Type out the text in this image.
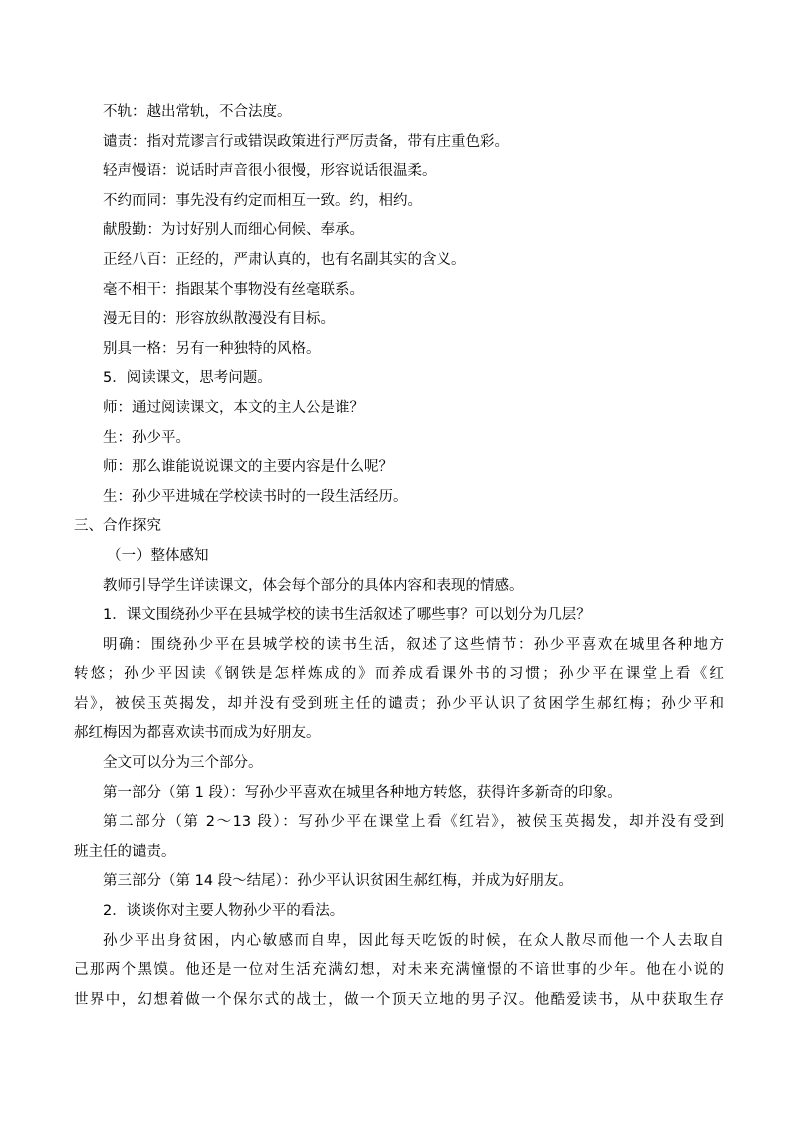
不轨：越出常轨，不合法度。
谴责：指对荒谬言行或错误政策进行严厉责备，带有庄重色彩。
轻声慢语：说话时声音很小很慢，形容说话很温柔。
不约而同：事先没有约定而相互一致。约，相约。
献殷勤：为讨好别人而细心伺候、奉承。
正经八百：正经的，严肃认真的，也有名副其实的含义。
毫不相干：指跟某个事物没有丝毫联系。
漫无目的：形容放纵散漫没有目标。
别具一格：另有一种独特的风格。
5．阅读课文，思考问题。
师：通过阅读课文，本文的主人公是谁？
生：孙少平。
师：那么谁能说说课文的主要内容是什么呢？
生：孙少平进城在学校读书时的一段生活经历。
三、合作探究
（一）整体感知
教师引导学生详读课文，体会每个部分的具体内容和表现的情感。
1．课文围绕孙少平在县城学校的读书生活叙述了哪些事？可以划分为几层？
明确：围绕孙少平在县城学校的读书生活，叙述了这些情节：孙少平喜欢在城里各种地方
转悠；孙少平因读《钢铁是怎样炼成的》而养成看课外书的习惯；孙少平在课堂上看《红
岩》，被侯玉英揭发，却并没有受到班主任的谴责；孙少平认识了贫困学生郝红梅；孙少平和
郝红梅因为都喜欢读书而成为好朋友。
全文可以分为三个部分。
第一部分（第 1 段）：写孙少平喜欢在城里各种地方转悠，获得许多新奇的印象。
第二部分（第 2～13 段）：写孙少平在课堂上看《红岩》，被侯玉英揭发，却并没有受到
班主任的谴责。
第三部分（第 14 段～结尾）：孙少平认识贫困生郝红梅，并成为好朋友。
2．谈谈你对主要人物孙少平的看法。
孙少平出身贫困，内心敏感而自卑，因此每天吃饭的时候，在众人散尽而他一个人去取自
己那两个黑馍。他还是一位对生活充满幻想，对未来充满憧憬的不谙世事的少年。他在小说的
世界中，幻想着做一个保尔式的战士，做一个顶天立地的男子汉。他酷爱读书，从中获取生存
